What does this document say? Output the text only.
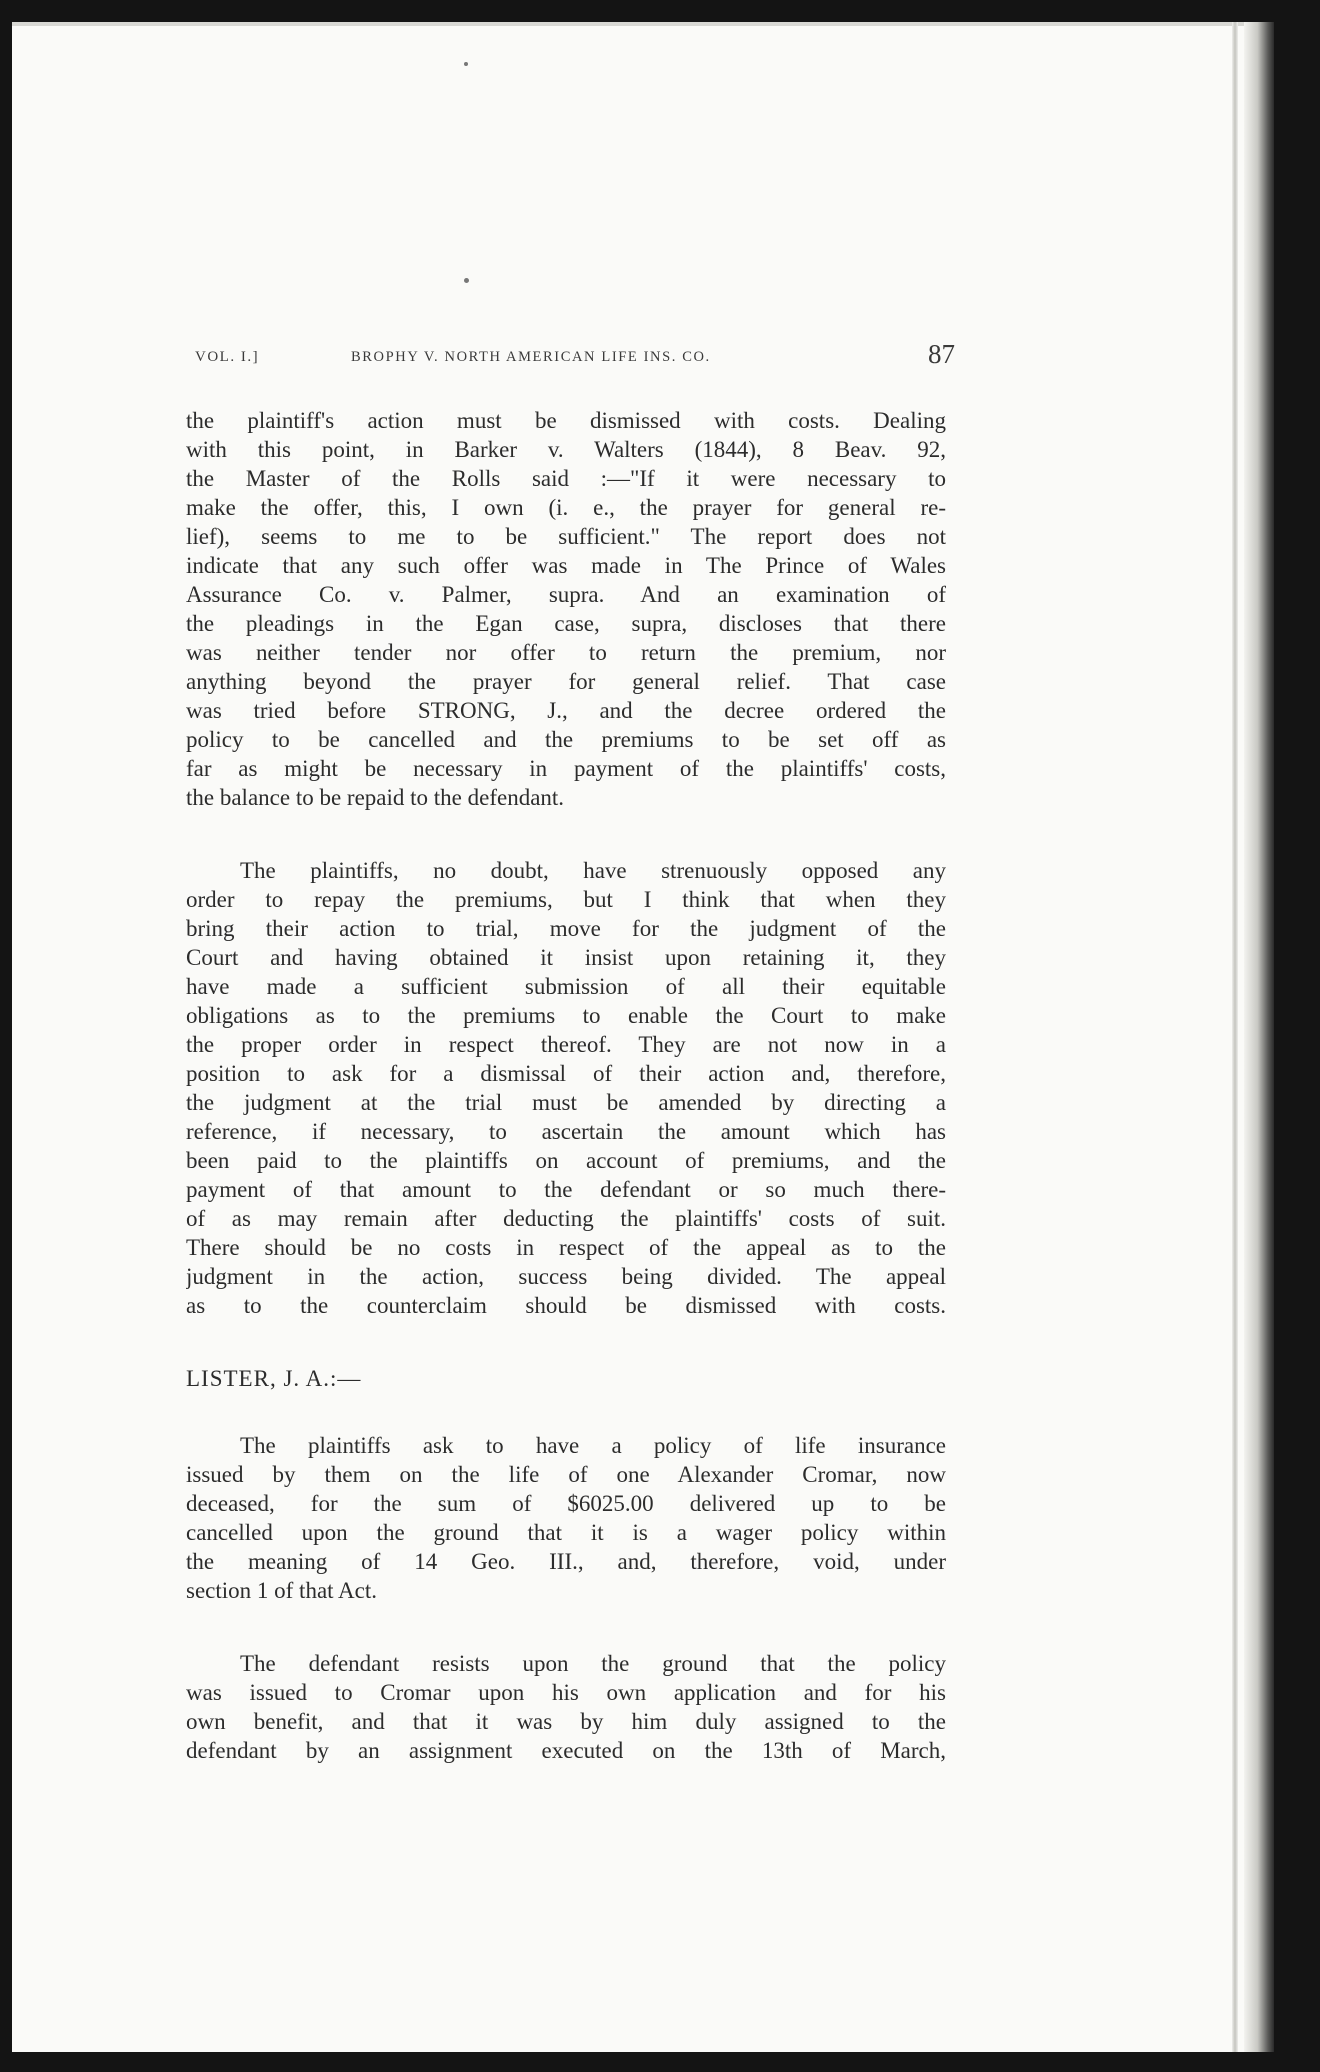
VOL. I.]	BROPHY V. NORTH AMERICAN LIFE INS. CO.	87
the plaintiff's action must be dismissed with costs. Dealing
with this point, in Barker v. Walters (1844), 8 Beav. 92,
the Master of the Rolls said :—"If it were necessary to
make the offer, this, I own (i. e., the prayer for general re-
lief), seems to me to be sufficient." The report does not
indicate that any such offer was made in The Prince of Wales
Assurance Co. v. Palmer, supra. And an examination of
the pleadings in the Egan case, supra, discloses that there
was neither tender nor offer to return the premium, nor
anything beyond the prayer for general relief. That case
was tried before STRONG, J., and the decree ordered the
policy to be cancelled and the premiums to be set off as
far as might be necessary in payment of the plaintiffs' costs,
the balance to be repaid to the defendant.
The plaintiffs, no doubt, have strenuously opposed any
order to repay the premiums, but I think that when they
bring their action to trial, move for the judgment of the
Court and having obtained it insist upon retaining it, they
have made a sufficient submission of all their equitable
obligations as to the premiums to enable the Court to make
the proper order in respect thereof. They are not now in a
position to ask for a dismissal of their action and, therefore,
the judgment at the trial must be amended by directing a
reference, if necessary, to ascertain the amount which has
been paid to the plaintiffs on account of premiums, and the
payment of that amount to the defendant or so much there-
of as may remain after deducting the plaintiffs' costs of suit.
There should be no costs in respect of the appeal as to the
judgment in the action, success being divided. The appeal
as to the counterclaim should be dismissed with costs.
LISTER, J. A.:—
The plaintiffs ask to have a policy of life insurance
issued by them on the life of one Alexander Cromar, now
deceased, for the sum of $6025.00 delivered up to be
cancelled upon the ground that it is a wager policy within
the meaning of 14 Geo. III., and, therefore, void, under
section 1 of that Act.
The defendant resists upon the ground that the policy
was issued to Cromar upon his own application and for his
own benefit, and that it was by him duly assigned to the
defendant by an assignment executed on the 13th of March,
